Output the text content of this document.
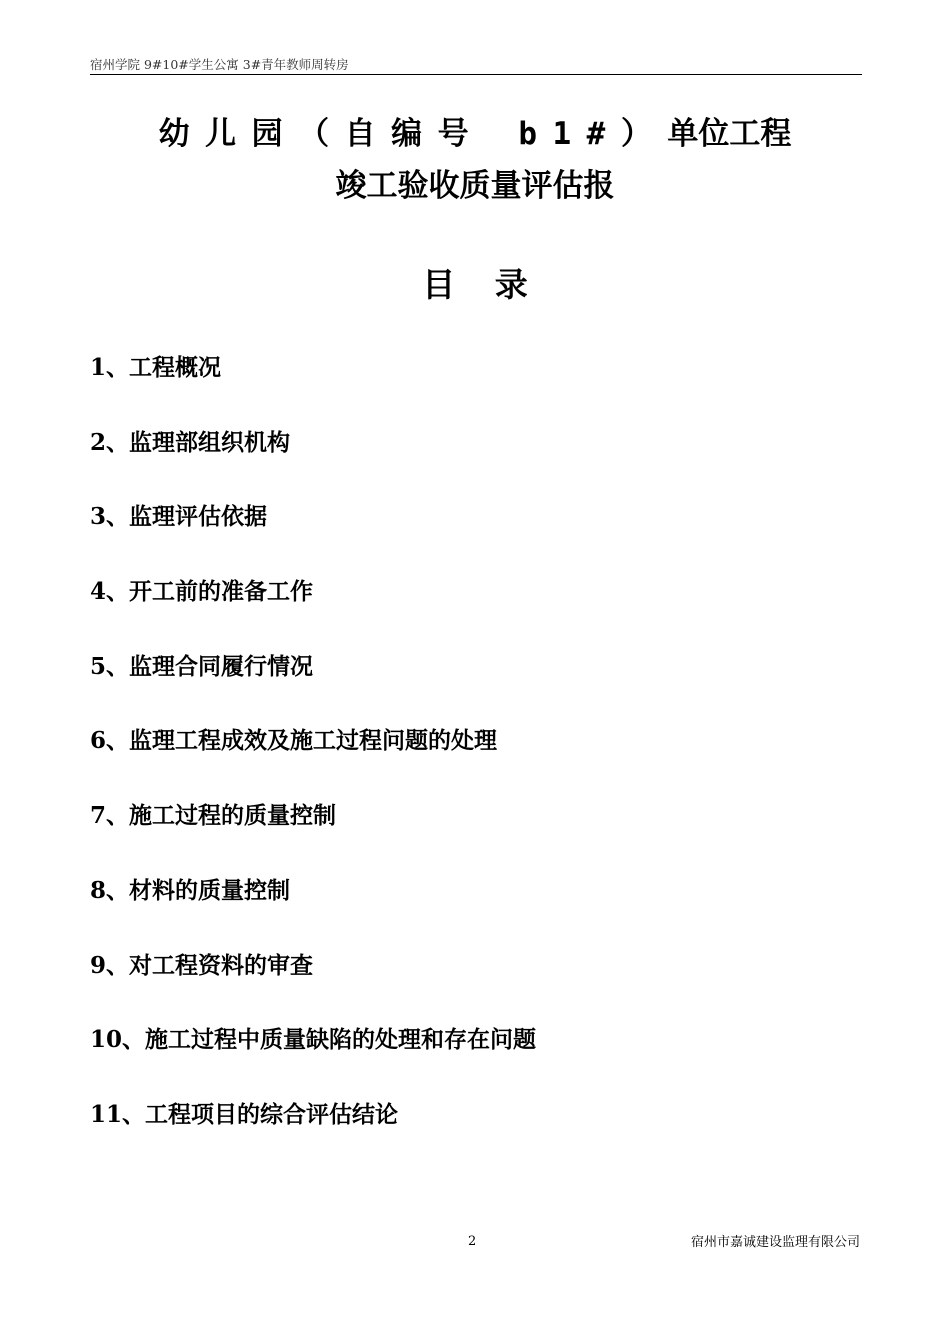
宿州学院 9#10#学生公寓 3#青年教师周转房
幼儿园（自编号 b1#）单位工程
竣工验收质量评估报
目录
1、工程概况
2、监理部组织机构
3、监理评估依据
4、开工前的准备工作
5、监理合同履行情况
6、监理工程成效及施工过程问题的处理
7、施工过程的质量控制
8、材料的质量控制
9、对工程资料的审查
10、施工过程中质量缺陷的处理和存在问题
11、工程项目的综合评估结论
2	宿州市嘉诚建设监理有限公司
